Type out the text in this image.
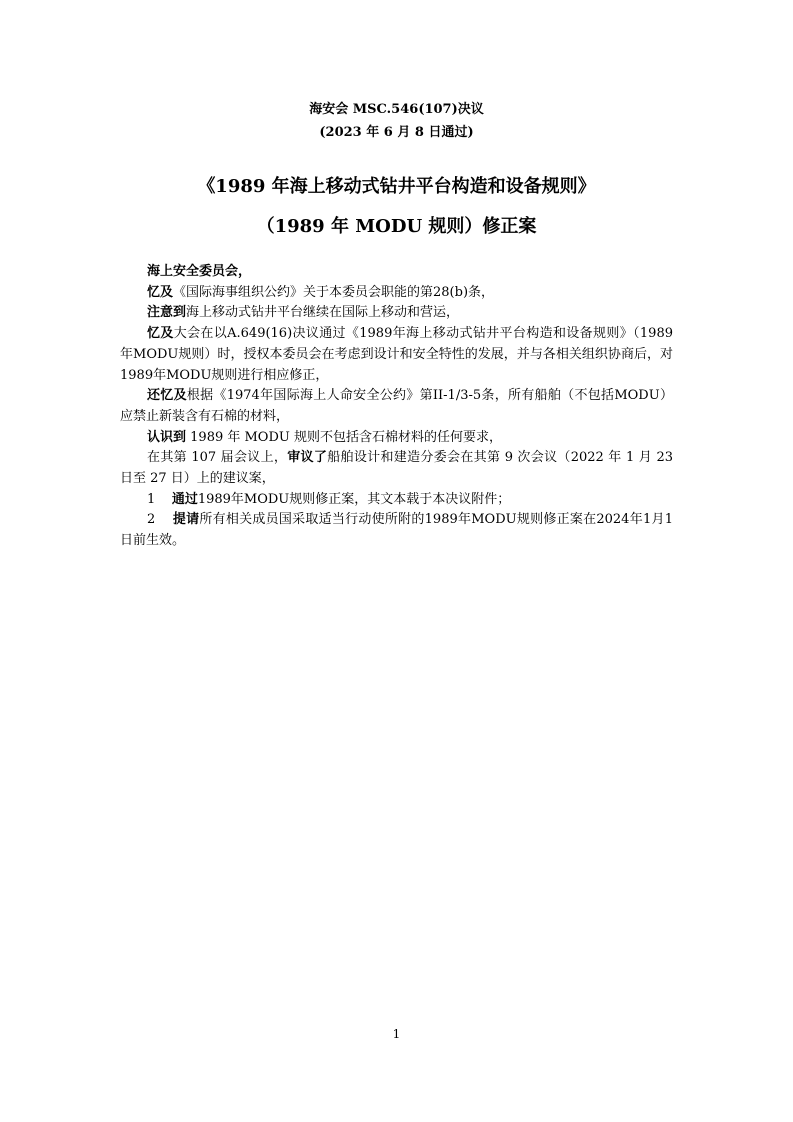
海安会 MSC.546(107)决议
(2023 年 6 月 8 日通过)
《1989 年海上移动式钻井平台构造和设备规则》
（1989 年 MODU 规则）修正案

海上安全委员会，

忆及《国际海事组织公约》关于本委员会职能的第28(b)条，

注意到海上移动式钻井平台继续在国际上移动和营运，

忆及大会在以A.649(16)决议通过《1989年海上移动式钻井平台构造和设备规则》（1989年MODU规则）时，授权本委员会在考虑到设计和安全特性的发展，并与各相关组织协商后，对1989年MODU规则进行相应修正，

还忆及根据《1974年国际海上人命安全公约》第II-1/3-5条，所有船舶（不包括MODU）应禁止新装含有石棉的材料，

认识到 1989 年 MODU 规则不包括含石棉材料的任何要求，

在其第 107 届会议上，审议了船舶设计和建造分委会在其第 9 次会议（2022 年 1 月 23 日至 27 日）上的建议案，

1 通过1989年MODU规则修正案，其文本载于本决议附件；

2 提请所有相关成员国采取适当行动使所附的1989年MODU规则修正案在2024年1月1日前生效。

1
